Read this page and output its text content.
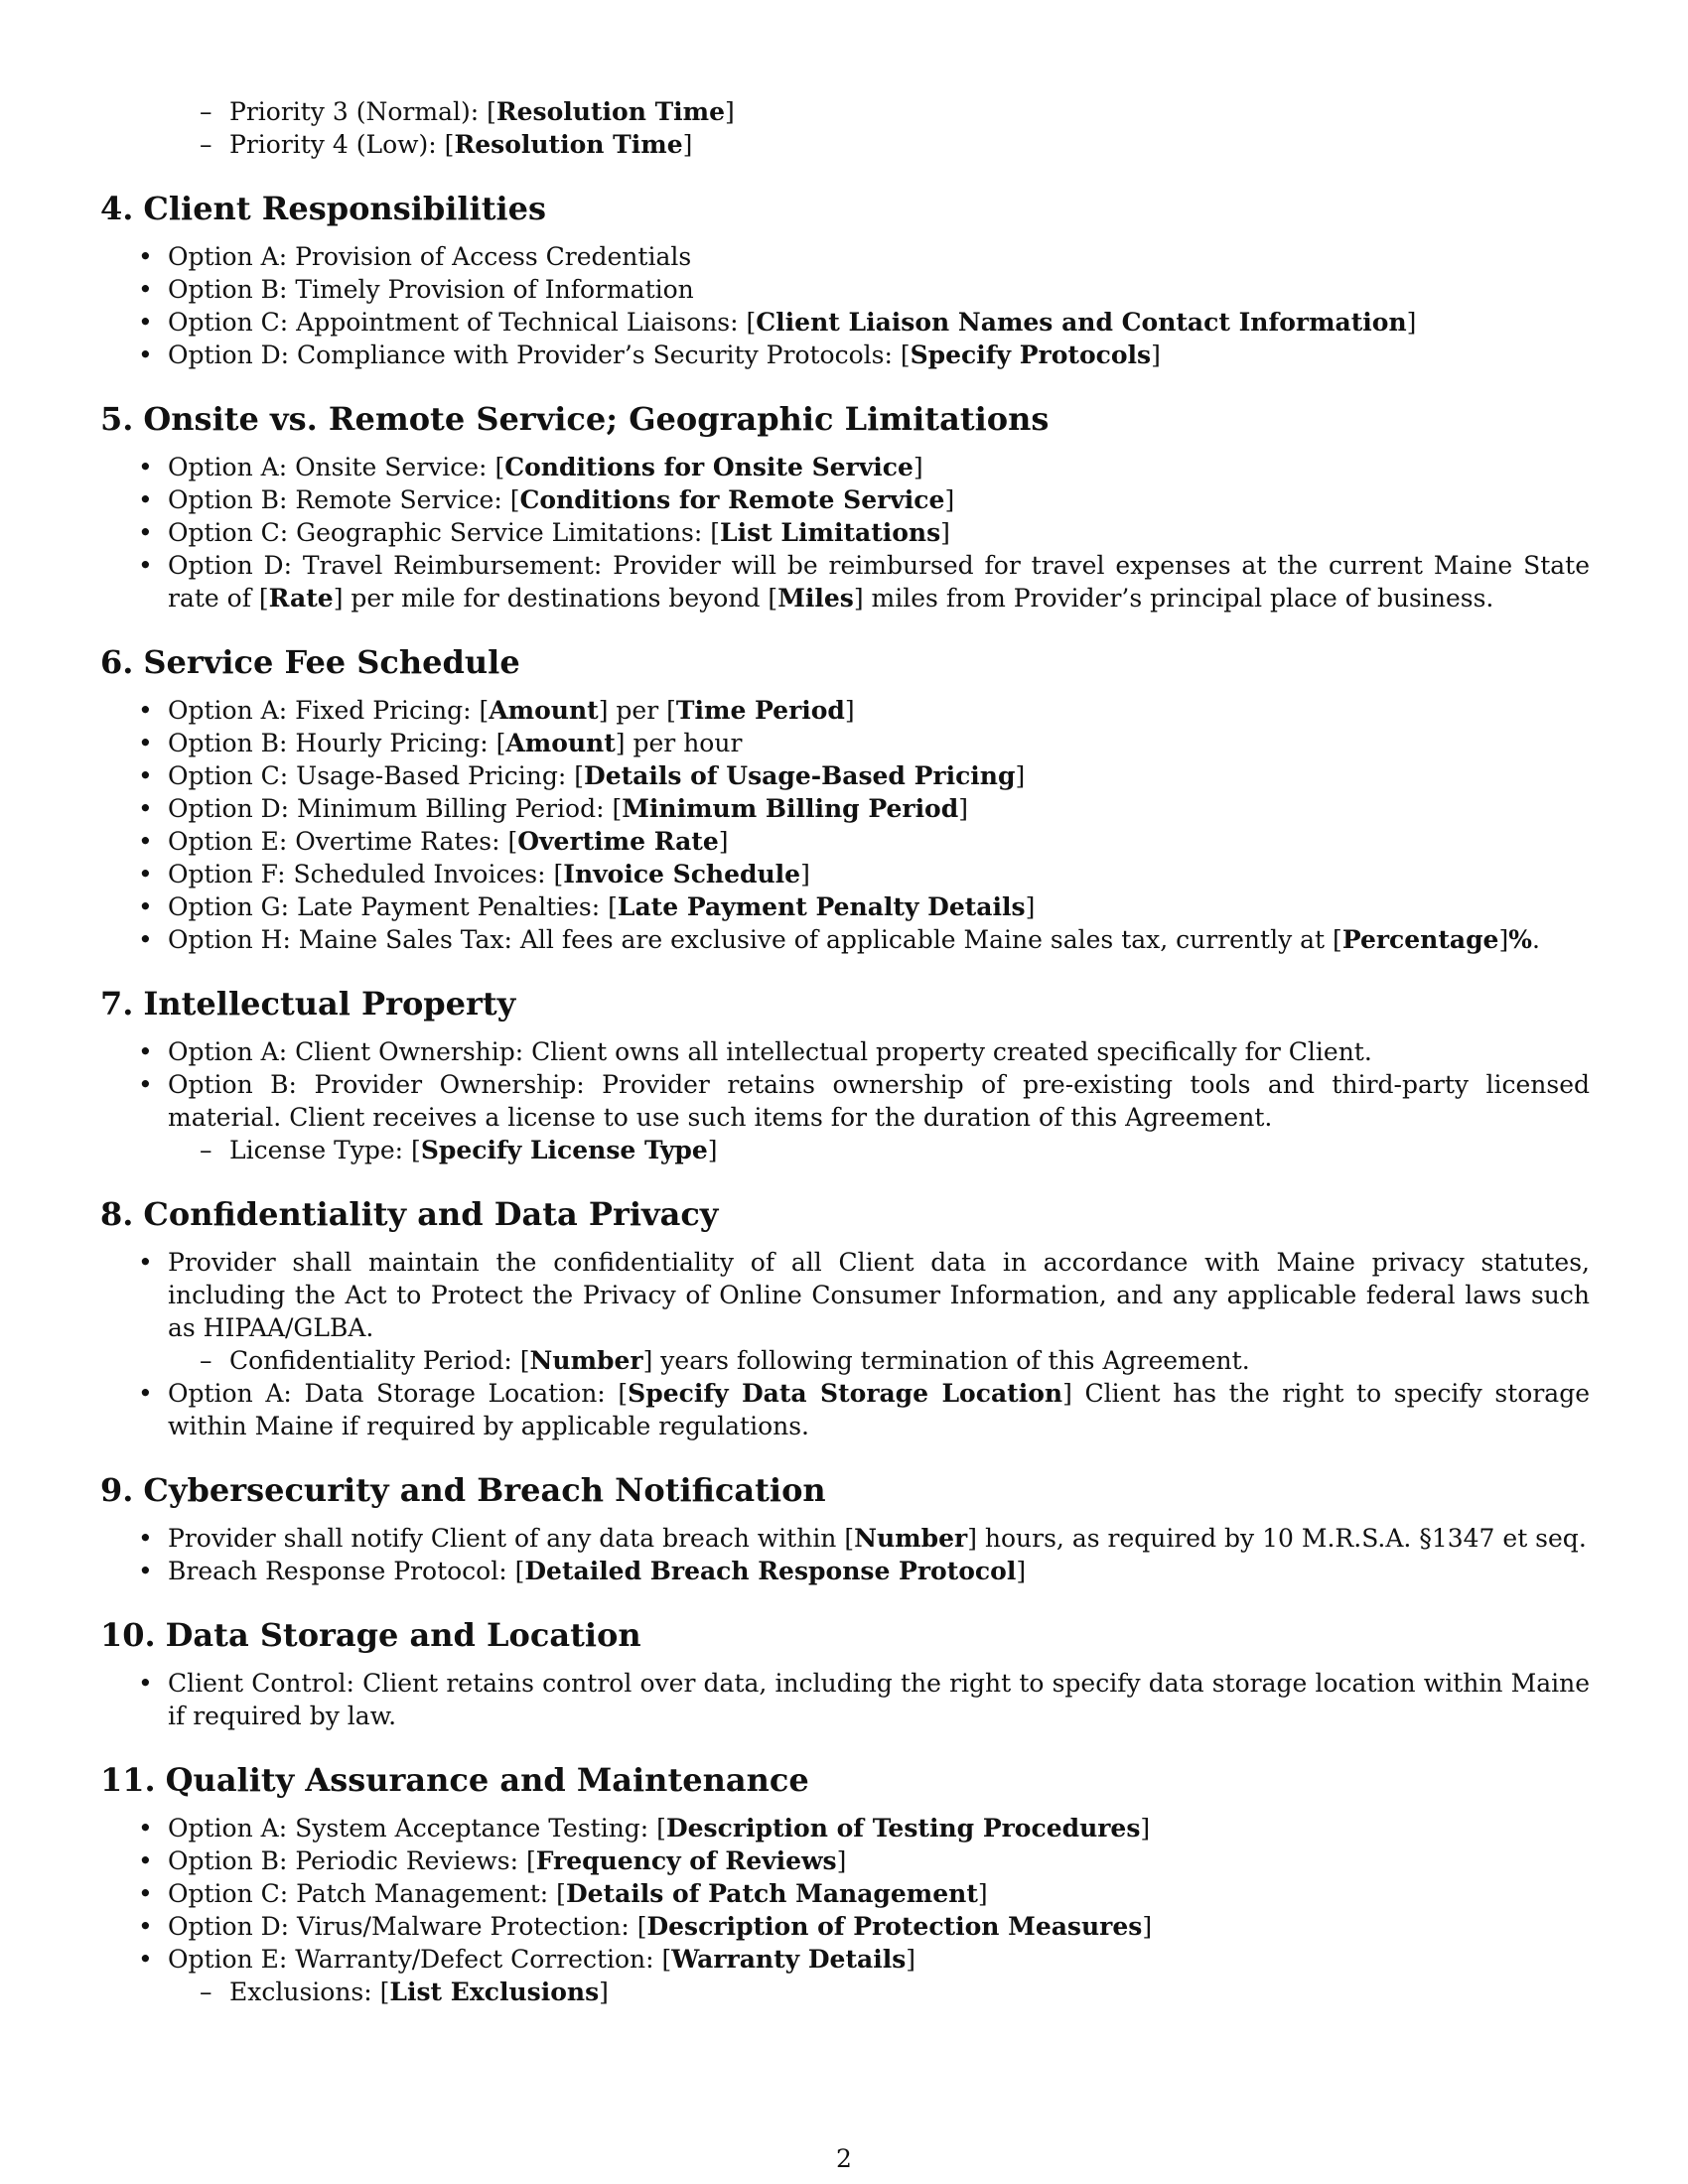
– Priority 3 (Normal): [Resolution Time]
– Priority 4 (Low): [Resolution Time]
4. Client Responsibilities
• Option A: Provision of Access Credentials
• Option B: Timely Provision of Information
• Option C: Appointment of Technical Liaisons: [Client Liaison Names and Contact Information]
• Option D: Compliance with Provider’s Security Protocols: [Specify Protocols]
5. Onsite vs. Remote Service; Geographic Limitations
• Option A: Onsite Service: [Conditions for Onsite Service]
• Option B: Remote Service: [Conditions for Remote Service]
• Option C: Geographic Service Limitations: [List Limitations]
• Option D: Travel Reimbursement: Provider will be reimbursed for travel expenses at the current Maine State rate of [Rate] per mile for destinations beyond [Miles] miles from Provider’s principal place of business.
6. Service Fee Schedule
• Option A: Fixed Pricing: [Amount] per [Time Period]
• Option B: Hourly Pricing: [Amount] per hour
• Option C: Usage-Based Pricing: [Details of Usage-Based Pricing]
• Option D: Minimum Billing Period: [Minimum Billing Period]
• Option E: Overtime Rates: [Overtime Rate]
• Option F: Scheduled Invoices: [Invoice Schedule]
• Option G: Late Payment Penalties: [Late Payment Penalty Details]
• Option H: Maine Sales Tax: All fees are exclusive of applicable Maine sales tax, currently at [Percentage]%.
7. Intellectual Property
• Option A: Client Ownership: Client owns all intellectual property created specifically for Client.
• Option B: Provider Ownership: Provider retains ownership of pre-existing tools and third-party licensed material. Client receives a license to use such items for the duration of this Agreement.
– License Type: [Specify License Type]
8. Confidentiality and Data Privacy
• Provider shall maintain the confidentiality of all Client data in accordance with Maine privacy statutes, including the Act to Protect the Privacy of Online Consumer Information, and any applicable federal laws such as HIPAA/GLBA.
– Confidentiality Period: [Number] years following termination of this Agreement.
• Option A: Data Storage Location: [Specify Data Storage Location] Client has the right to specify storage within Maine if required by applicable regulations.
9. Cybersecurity and Breach Notification
• Provider shall notify Client of any data breach within [Number] hours, as required by 10 M.R.S.A. §1347 et seq.
• Breach Response Protocol: [Detailed Breach Response Protocol]
10. Data Storage and Location
• Client Control: Client retains control over data, including the right to specify data storage location within Maine if required by law.
11. Quality Assurance and Maintenance
• Option A: System Acceptance Testing: [Description of Testing Procedures]
• Option B: Periodic Reviews: [Frequency of Reviews]
• Option C: Patch Management: [Details of Patch Management]
• Option D: Virus/Malware Protection: [Description of Protection Measures]
• Option E: Warranty/Defect Correction: [Warranty Details]
– Exclusions: [List Exclusions]
2
